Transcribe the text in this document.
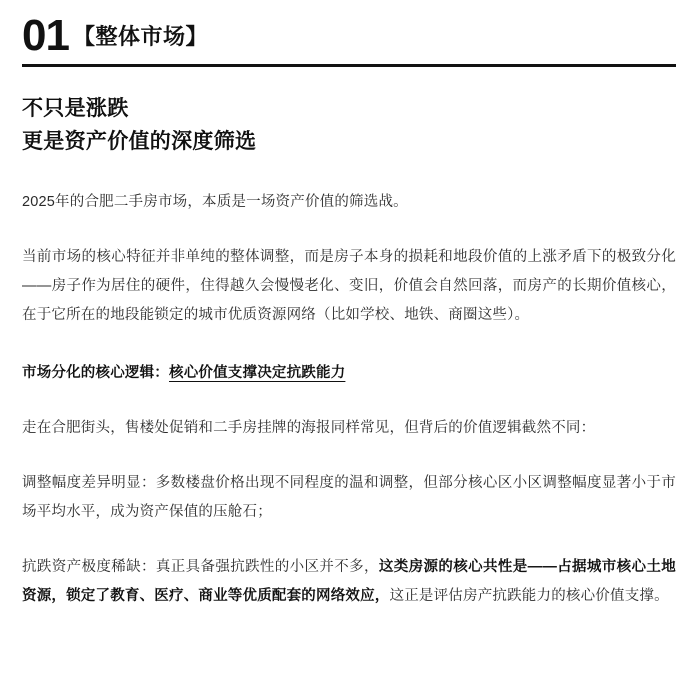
01 【整体市场】
不只是涨跌
更是资产价值的深度筛选

2025年的合肥二手房市场，本质是一场资产价值的筛选战。

当前市场的核心特征并非单纯的整体调整，而是房子本身的损耗和地段价值的上涨矛盾下的极致分化——房子作为居住的硬件，住得越久会慢慢老化、变旧，价值会自然回落，而房产的长期价值核心，在于它所在的地段能锁定的城市优质资源网络（比如学校、地铁、商圈这些）。

市场分化的核心逻辑：核心价值支撑决定抗跌能力

走在合肥街头，售楼处促销和二手房挂牌的海报同样常见，但背后的价值逻辑截然不同：

调整幅度差异明显：多数楼盘价格出现不同程度的温和调整，但部分核心区小区调整幅度显著小于市场平均水平，成为资产保值的压舱石；

抗跌资产极度稀缺：真正具备强抗跌性的小区并不多，这类房源的核心共性是——占据城市核心土地资源，锁定了教育、医疗、商业等优质配套的网络效应，这正是评估房产抗跌能力的核心价值支撑。
